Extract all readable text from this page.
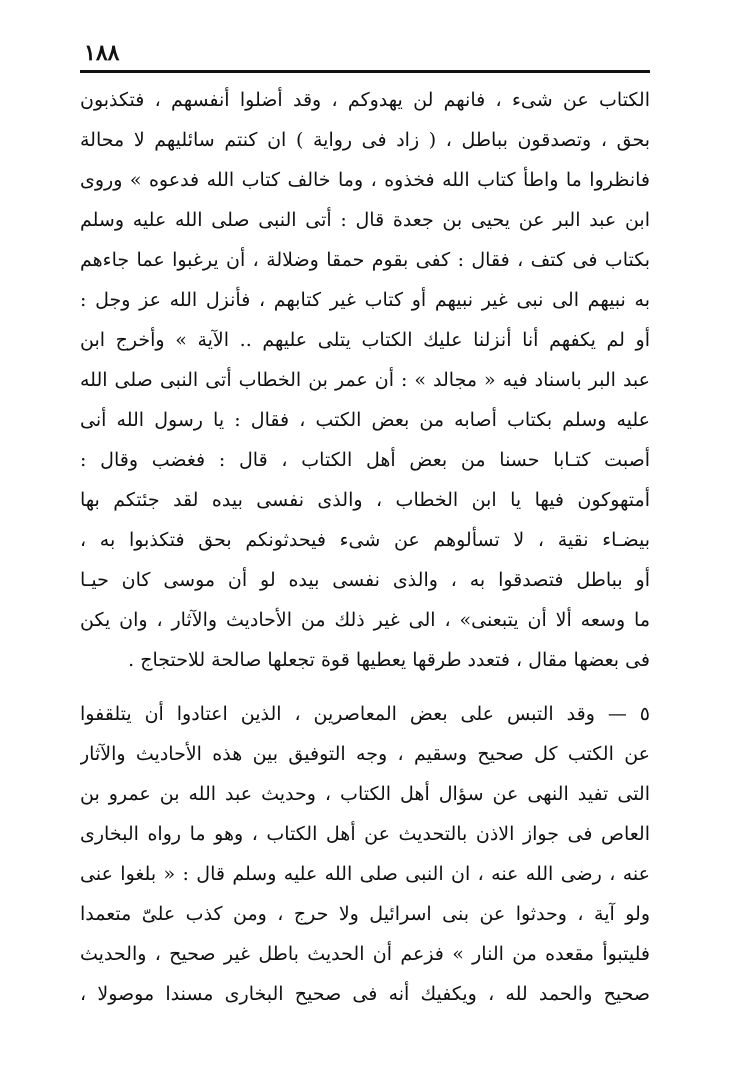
١٨٨
الكتاب عن شىء ، فانهم لن يهدوكم ، وقد أضلوا أنفسهم ، فتكذبون
بحق ، وتصدقون بباطل ، ( زاد فى رواية ) ان كنتم سائليهم لا محالة
فانظروا ما واطأ كتاب الله فخذوه ، وما خالف كتاب الله فدعوه » وروى
ابن عبد البر عن يحيى بن جعدة قال : أتى النبى صلى الله عليه وسلم
بكتاب فى كتف ، فقال : كفى بقوم حمقا وضلالة ، أن يرغبوا عما جاءهم
به نبيهم الى نبى غير نبيهم أو كتاب غير كتابهم ، فأنزل الله عز وجل :
أو لم يكفهم أنا أنزلنا عليك الكتاب يتلى عليهم .. الآية » وأخرج ابن
عبد البر باسناد فيه « مجالد » : أن عمر بن الخطاب أتى النبى صلى الله
عليه وسلم بكتاب أصابه من بعض الكتب ، فقال : يا رسول الله أنى
أصبت كتـابا حسنا من بعض أهل الكتاب ، قال : فغضب وقال :
أمتهوكون فيها يا ابن الخطاب ، والذى نفسى بيده لقد جئتكم بها
بيضـاء نقية ، لا تسألوهم عن شىء فيحدثونكم بحق فتكذبوا به ،
أو بباطل فتصدقوا به ، والذى نفسى بيده لو أن موسى كان حيـا
ما وسعه ألا أن يتبعنى» ، الى غير ذلك من الأحاديث والآثار ، وان يكن
فى بعضها مقال ، فتعدد طرقها يعطيها قوة تجعلها صالحة للاحتجاج .
٥ — وقد التبس على بعض المعاصرين ، الذين اعتادوا أن يتلقفوا
عن الكتب كل صحيح وسقيم ، وجه التوفيق بين هذه الأحاديث والآثار
التى تفيد النهى عن سؤال أهل الكتاب ، وحديث عبد الله بن عمرو بن
العاص فى جواز الاذن بالتحديث عن أهل الكتاب ، وهو ما رواه البخارى
عنه ، رضى الله عنه ، ان النبى صلى الله عليه وسلم قال : « بلغوا عنى
ولو آية ، وحدثوا عن بنى اسرائيل ولا حرج ، ومن كذب علىّ متعمدا
فليتبوأ مقعده من النار » فزعم أن الحديث باطل غير صحيح ، والحديث
صحيح والحمد لله ، ويكفيك أنه فى صحيح البخارى مسندا موصولا ،
